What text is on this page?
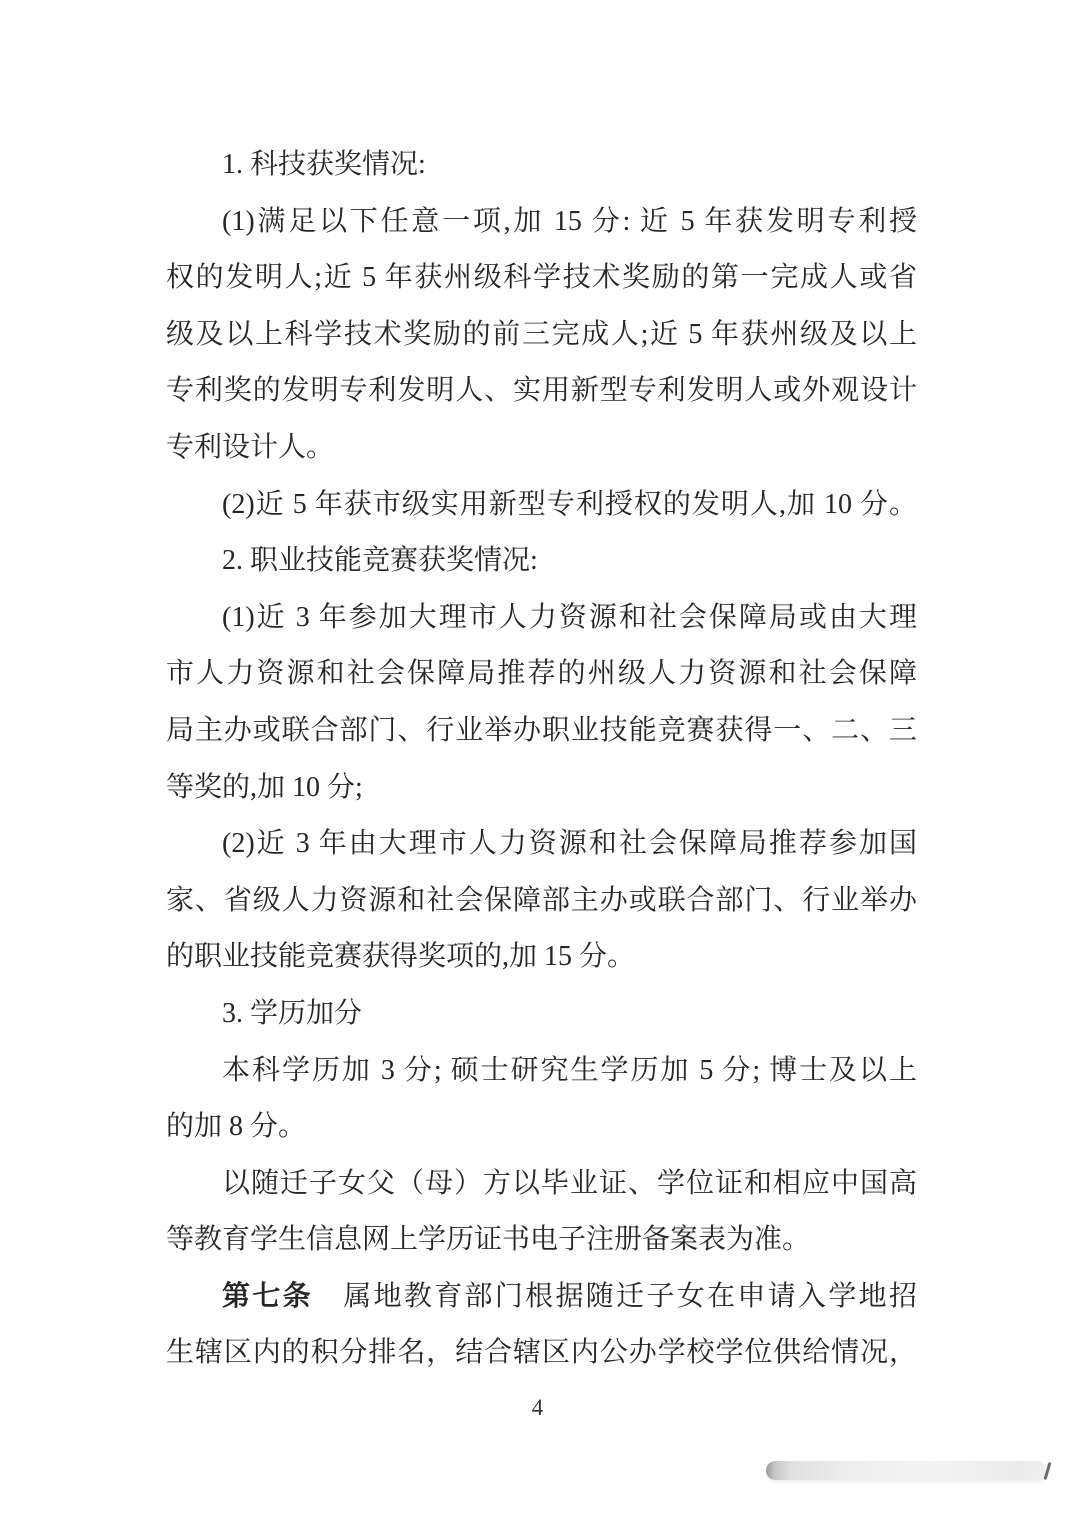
1. 科技获奖情况:
(1)满足以下任意一项,加 15 分: 近 5 年获发明专利授
权的发明人;近 5 年获州级科学技术奖励的第一完成人或省
级及以上科学技术奖励的前三完成人;近 5 年获州级及以上
专利奖的发明专利发明人、实用新型专利发明人或外观设计
专利设计人。
(2)近 5 年获市级实用新型专利授权的发明人,加 10 分。
2. 职业技能竞赛获奖情况:
(1)近 3 年参加大理市人力资源和社会保障局或由大理
市人力资源和社会保障局推荐的州级人力资源和社会保障
局主办或联合部门、行业举办职业技能竞赛获得一、二、三
等奖的,加 10 分;
(2)近 3 年由大理市人力资源和社会保障局推荐参加国
家、省级人力资源和社会保障部主办或联合部门、行业举办
的职业技能竞赛获得奖项的,加 15 分。
3. 学历加分
本科学历加 3 分; 硕士研究生学历加 5 分; 博士及以上
的加 8 分。
以随迁子女父（母）方以毕业证、学位证和相应中国高
等教育学生信息网上学历证书电子注册备案表为准。
第七条　属地教育部门根据随迁子女在申请入学地招
生辖区内的积分排名，结合辖区内公办学校学位供给情况，
4
